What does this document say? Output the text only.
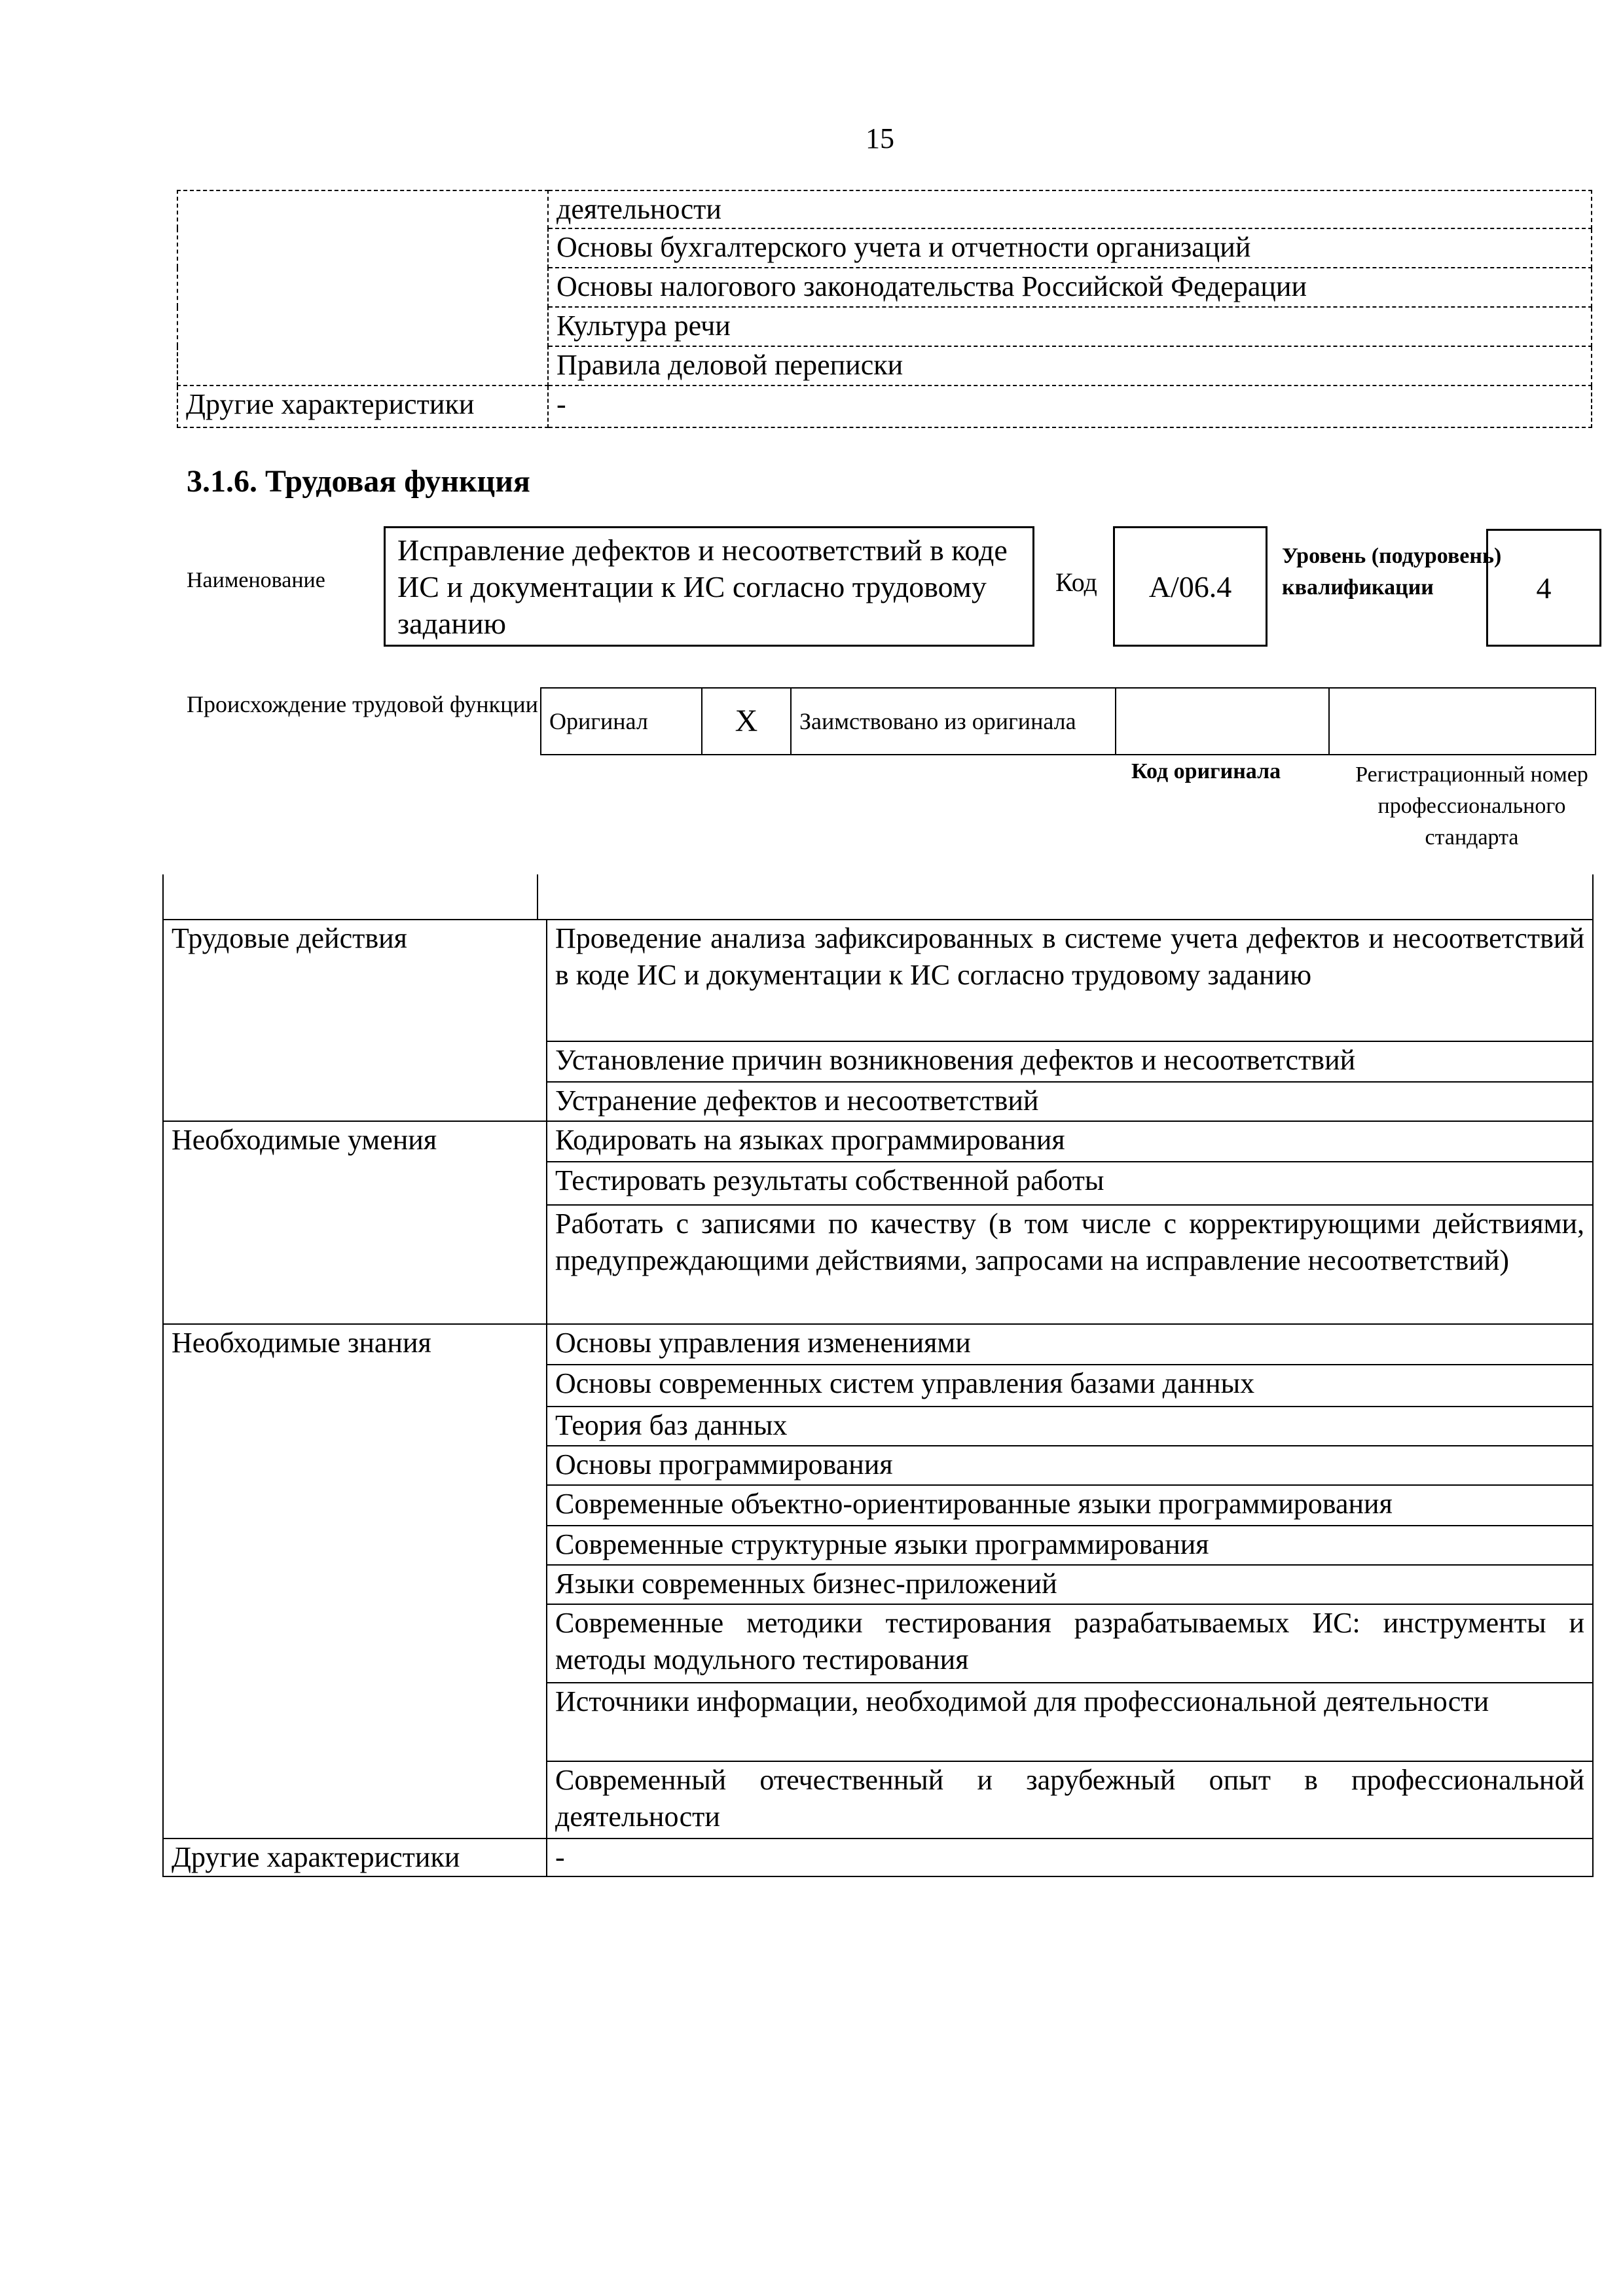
15
	деятельности
	Основы бухгалтерского учета и отчетности организаций
	Основы налогового законодательства Российской Федерации
	Культура речи
	Правила деловой переписки
Другие характеристики	-
3.1.6. Трудовая функция
Наименование
Исправление дефектов и несоответствий в коде ИС и документации к ИС согласно трудовому заданию
Код	A/06.4
Уровень (подуровень) квалификации	4
Происхождение трудовой функции
Оригинал	X	Заимствовано из оригинала		
Код оригинала	Регистрационный номер профессионального стандарта
Трудовые действия	Проведение анализа зафиксированных в системе учета дефектов и несоответствий в коде ИС и документации к ИС согласно трудовому заданию
	Установление причин возникновения дефектов и несоответствий
	Устранение дефектов и несоответствий
Необходимые умения	Кодировать на языках программирования
	Тестировать результаты собственной работы
	Работать с записями по качеству (в том числе с корректирующими действиями, предупреждающими действиями, запросами на исправление несоответствий)
Необходимые знания	Основы управления изменениями
	Основы современных систем управления базами данных
	Теория баз данных
	Основы программирования
	Современные объектно-ориентированные языки программирования
	Современные структурные языки программирования
	Языки современных бизнес-приложений
	Современные методики тестирования разрабатываемых ИС: инструменты и методы модульного тестирования
	Источники информации, необходимой для профессиональной деятельности
	Современный отечественный и зарубежный опыт в профессиональной деятельности
Другие характеристики	-
